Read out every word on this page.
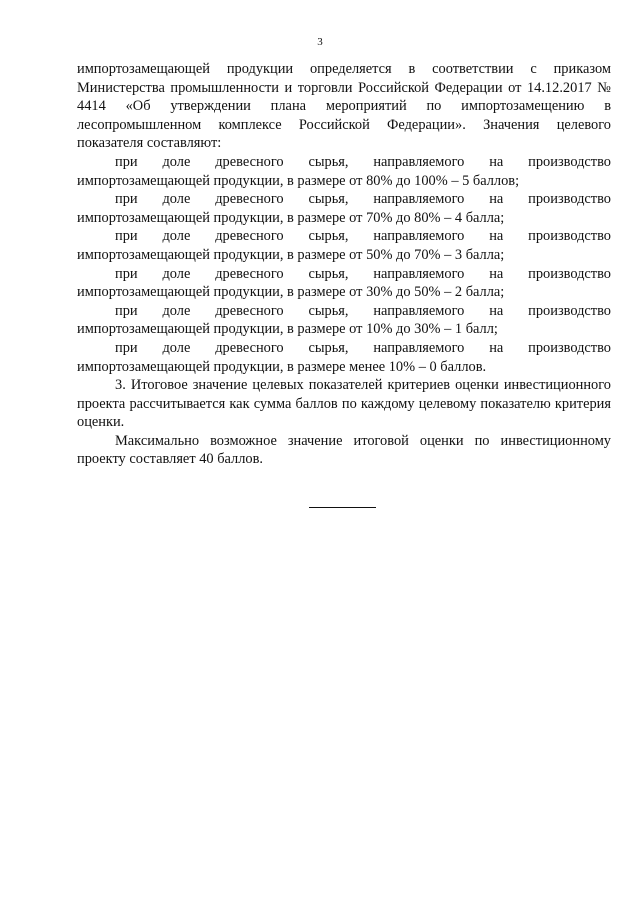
3

импортозамещающей продукции определяется в соответствии с приказом Министерства промышленности и торговли Российской Федерации от 14.12.2017 № 4414 «Об утверждении плана мероприятий по импортозамещению в лесопромышленном комплексе Российской Федерации». Значения целевого показателя составляют:

при доле древесного сырья, направляемого на производство импортозамещающей продукции, в размере от 80% до 100% – 5 баллов;

при доле древесного сырья, направляемого на производство импортозамещающей продукции, в размере от 70% до 80% – 4 балла;

при доле древесного сырья, направляемого на производство импортозамещающей продукции, в размере от 50% до 70% – 3 балла;

при доле древесного сырья, направляемого на производство импортозамещающей продукции, в размере от 30% до 50% – 2 балла;

при доле древесного сырья, направляемого на производство импортозамещающей продукции, в размере от 10% до 30% – 1 балл;

при доле древесного сырья, направляемого на производство импортозамещающей продукции, в размере менее 10% – 0 баллов.

3. Итоговое значение целевых показателей критериев оценки инвестиционного проекта рассчитывается как сумма баллов по каждому целевому показателю критерия оценки.

Максимально возможное значение итоговой оценки по инвестиционному проекту составляет 40 баллов.
